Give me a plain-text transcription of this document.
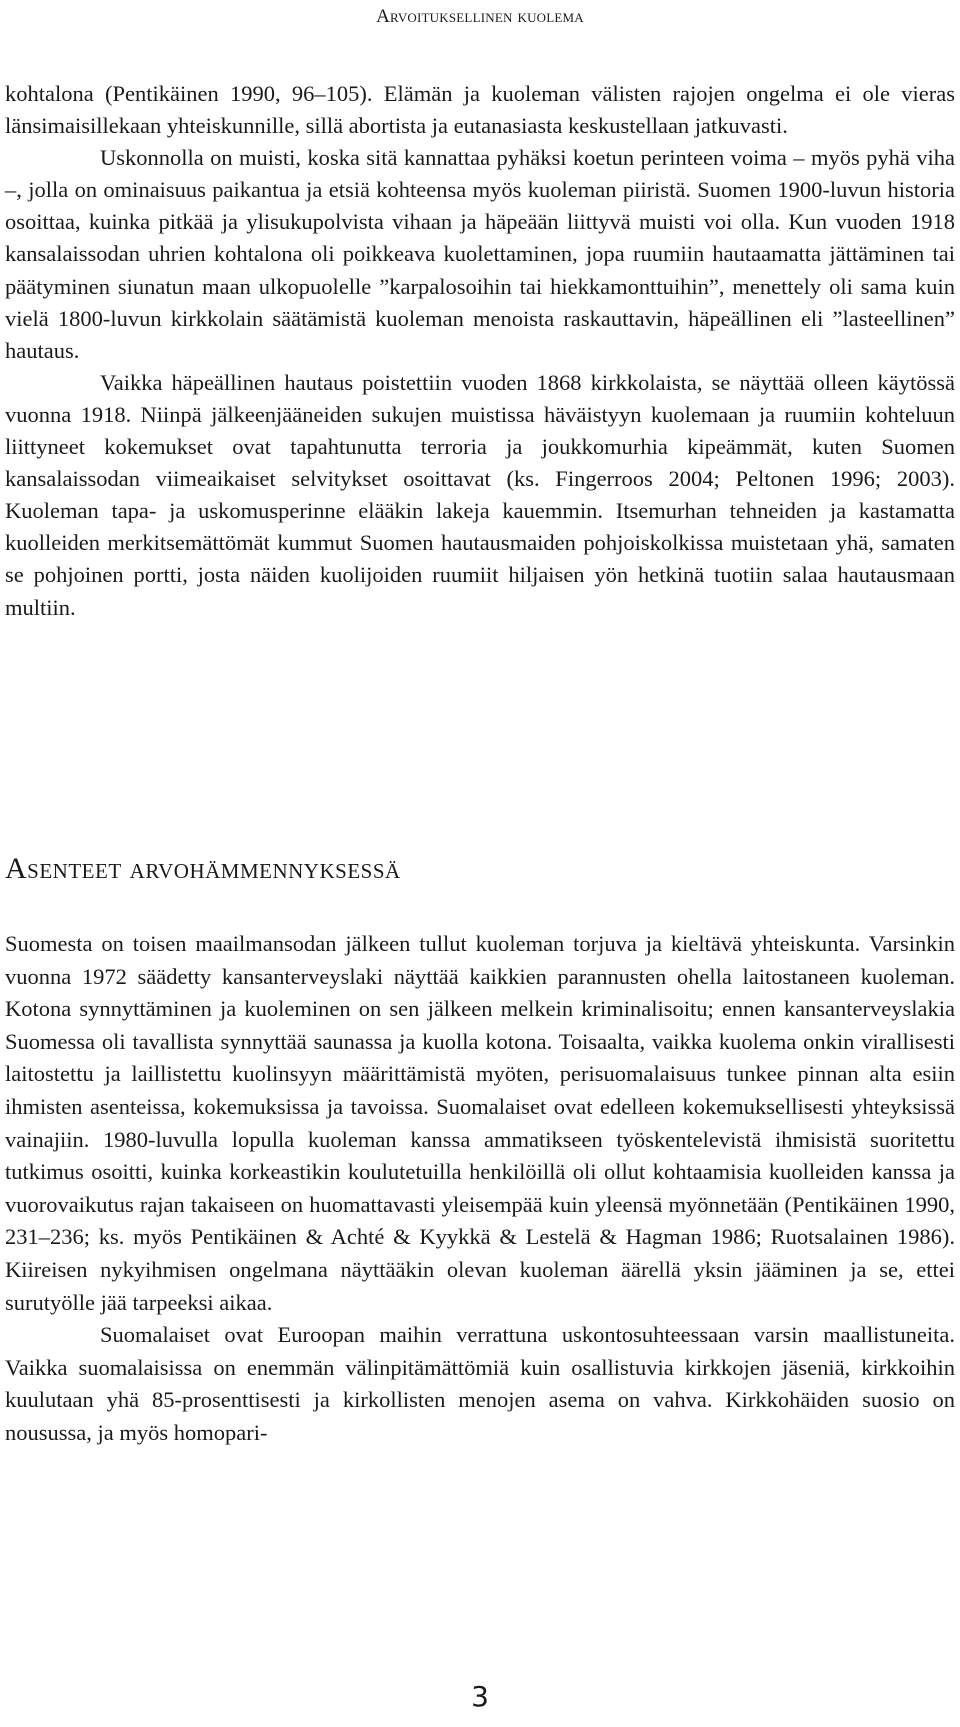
Arvoituksellinen kuolema

kohtalona (Pentikäinen 1990, 96–105). Elämän ja kuoleman välisten rajojen ongelma ei ole vieras länsimaisillekaan yhteiskunnille, sillä abortista ja eutanasiasta keskustellaan jatkuvasti.

Uskonnolla on muisti, koska sitä kannattaa pyhäksi koetun perinteen voima – myös pyhä viha –, jolla on ominaisuus paikantua ja etsiä kohteensa myös kuoleman piiristä. Suomen 1900-luvun historia osoittaa, kuinka pitkää ja ylisukupolvista vihaan ja häpeään liittyvä muisti voi olla. Kun vuoden 1918 kansalaissodan uhrien kohtalona oli poikkeava kuolettaminen, jopa ruumiin hautaamatta jättäminen tai päätyminen siunatun maan ulkopuolelle ”karpalosoihin tai hiekkamonttuihin”, menettely oli sama kuin vielä 1800-luvun kirkkolain säätämistä kuoleman menoista raskauttavin, häpeällinen eli ”lasteellinen” hautaus.

Vaikka häpeällinen hautaus poistettiin vuoden 1868 kirkkolaista, se näyttää olleen käytössä vuonna 1918. Niinpä jälkeenjääneiden sukujen muistissa häväistyyn kuolemaan ja ruumiin kohteluun liittyneet kokemukset ovat tapahtunutta terroria ja joukkomurhia kipeämmät, kuten Suomen kansalaissodan viimeaikaiset selvitykset osoittavat (ks. Fingerroos 2004; Peltonen 1996; 2003). Kuoleman tapa- ja uskomusperinne elääkin lakeja kauemmin. Itsemurhan tehneiden ja kastamatta kuolleiden merkitsemättömät kummut Suomen hautausmaiden pohjoiskolkissa muistetaan yhä, samaten se pohjoinen portti, josta näiden kuolijoiden ruumiit hiljaisen yön hetkinä tuotiin salaa hautausmaan multiin.

Asenteet arvohämmennyksessä

Suomesta on toisen maailmansodan jälkeen tullut kuoleman torjuva ja kieltävä yhteiskunta. Varsinkin vuonna 1972 säädetty kansanterveyslaki näyttää kaikkien parannusten ohella laitostaneen kuoleman. Kotona synnyttäminen ja kuoleminen on sen jälkeen melkein kriminalisoitu; ennen kansanterveyslakia Suomessa oli tavallista synnyttää saunassa ja kuolla kotona. Toisaalta, vaikka kuolema onkin virallisesti laitostettu ja laillistettu kuolinsyyn määrittämistä myöten, perisuomalaisuus tunkee pinnan alta esiin ihmisten asenteissa, kokemuksissa ja tavoissa. Suomalaiset ovat edelleen kokemuksellisesti yhteyksissä vainajiin. 1980-luvulla lopulla kuoleman kanssa ammatikseen työskentelevistä ihmisistä suoritettu tutkimus osoitti, kuinka korkeastikin koulutetuilla henkilöillä oli ollut kohtaamisia kuolleiden kanssa ja vuorovaikutus rajan takaiseen on huomattavasti yleisempää kuin yleensä myönnetään (Pentikäinen 1990, 231–236; ks. myös Pentikäinen & Achté & Kyykkä & Lestelä & Hagman 1986; Ruotsalainen 1986). Kiireisen nykyihmisen ongelmana näyttääkin olevan kuoleman äärellä yksin jääminen ja se, ettei surutyölle jää tarpeeksi aikaa.

Suomalaiset ovat Euroopan maihin verrattuna uskontosuhteessaan varsin maallistuneita. Vaikka suomalaisissa on enemmän välinpitämättömiä kuin osallistuvia kirkkojen jäseniä, kirkkoihin kuulutaan yhä 85-prosenttisesti ja kirkollisten menojen asema on vahva. Kirkkohäiden suosio on nousussa, ja myös homopari-

3
